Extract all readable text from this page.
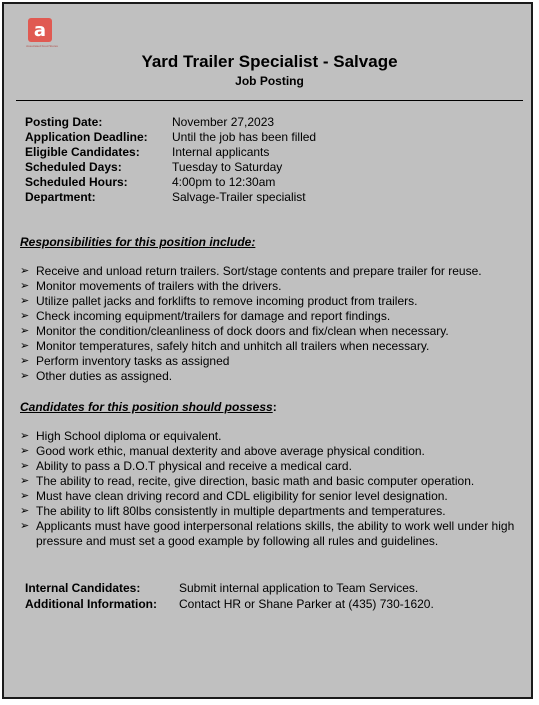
a
Associated Food Stores
Yard Trailer Specialist - Salvage
Job Posting
Posting Date:	November 27,2023
Application Deadline: Until the job has been filled
Eligible Candidates:	Internal applicants
Scheduled Days:	Tuesday to Saturday
Scheduled Hours:	4:00pm to 12:30am
Department:	Salvage-Trailer specialist
Responsibilities for this position include:
➢ Receive and unload return trailers. Sort/stage contents and prepare trailer for reuse.
➢ Monitor movements of trailers with the drivers.
➢ Utilize pallet jacks and forklifts to remove incoming product from trailers.
➢ Check incoming equipment/trailers for damage and report findings.
➢ Monitor the condition/cleanliness of dock doors and fix/clean when necessary.
➢ Monitor temperatures, safely hitch and unhitch all trailers when necessary.
➢ Perform inventory tasks as assigned
➢ Other duties as assigned.
Candidates for this position should possess:
➢ High School diploma or equivalent.
➢ Good work ethic, manual dexterity and above average physical condition.
➢ Ability to pass a D.O.T physical and receive a medical card.
➢ The ability to read, recite, give direction, basic math and basic computer operation.
➢ Must have clean driving record and CDL eligibility for senior level designation.
➢ The ability to lift 80lbs consistently in multiple departments and temperatures.
➢ Applicants must have good interpersonal relations skills, the ability to work well under high pressure and must set a good example by following all rules and guidelines.
Internal Candidates:	Submit internal application to Team Services.
Additional Information: Contact HR or Shane Parker at (435) 730-1620.
